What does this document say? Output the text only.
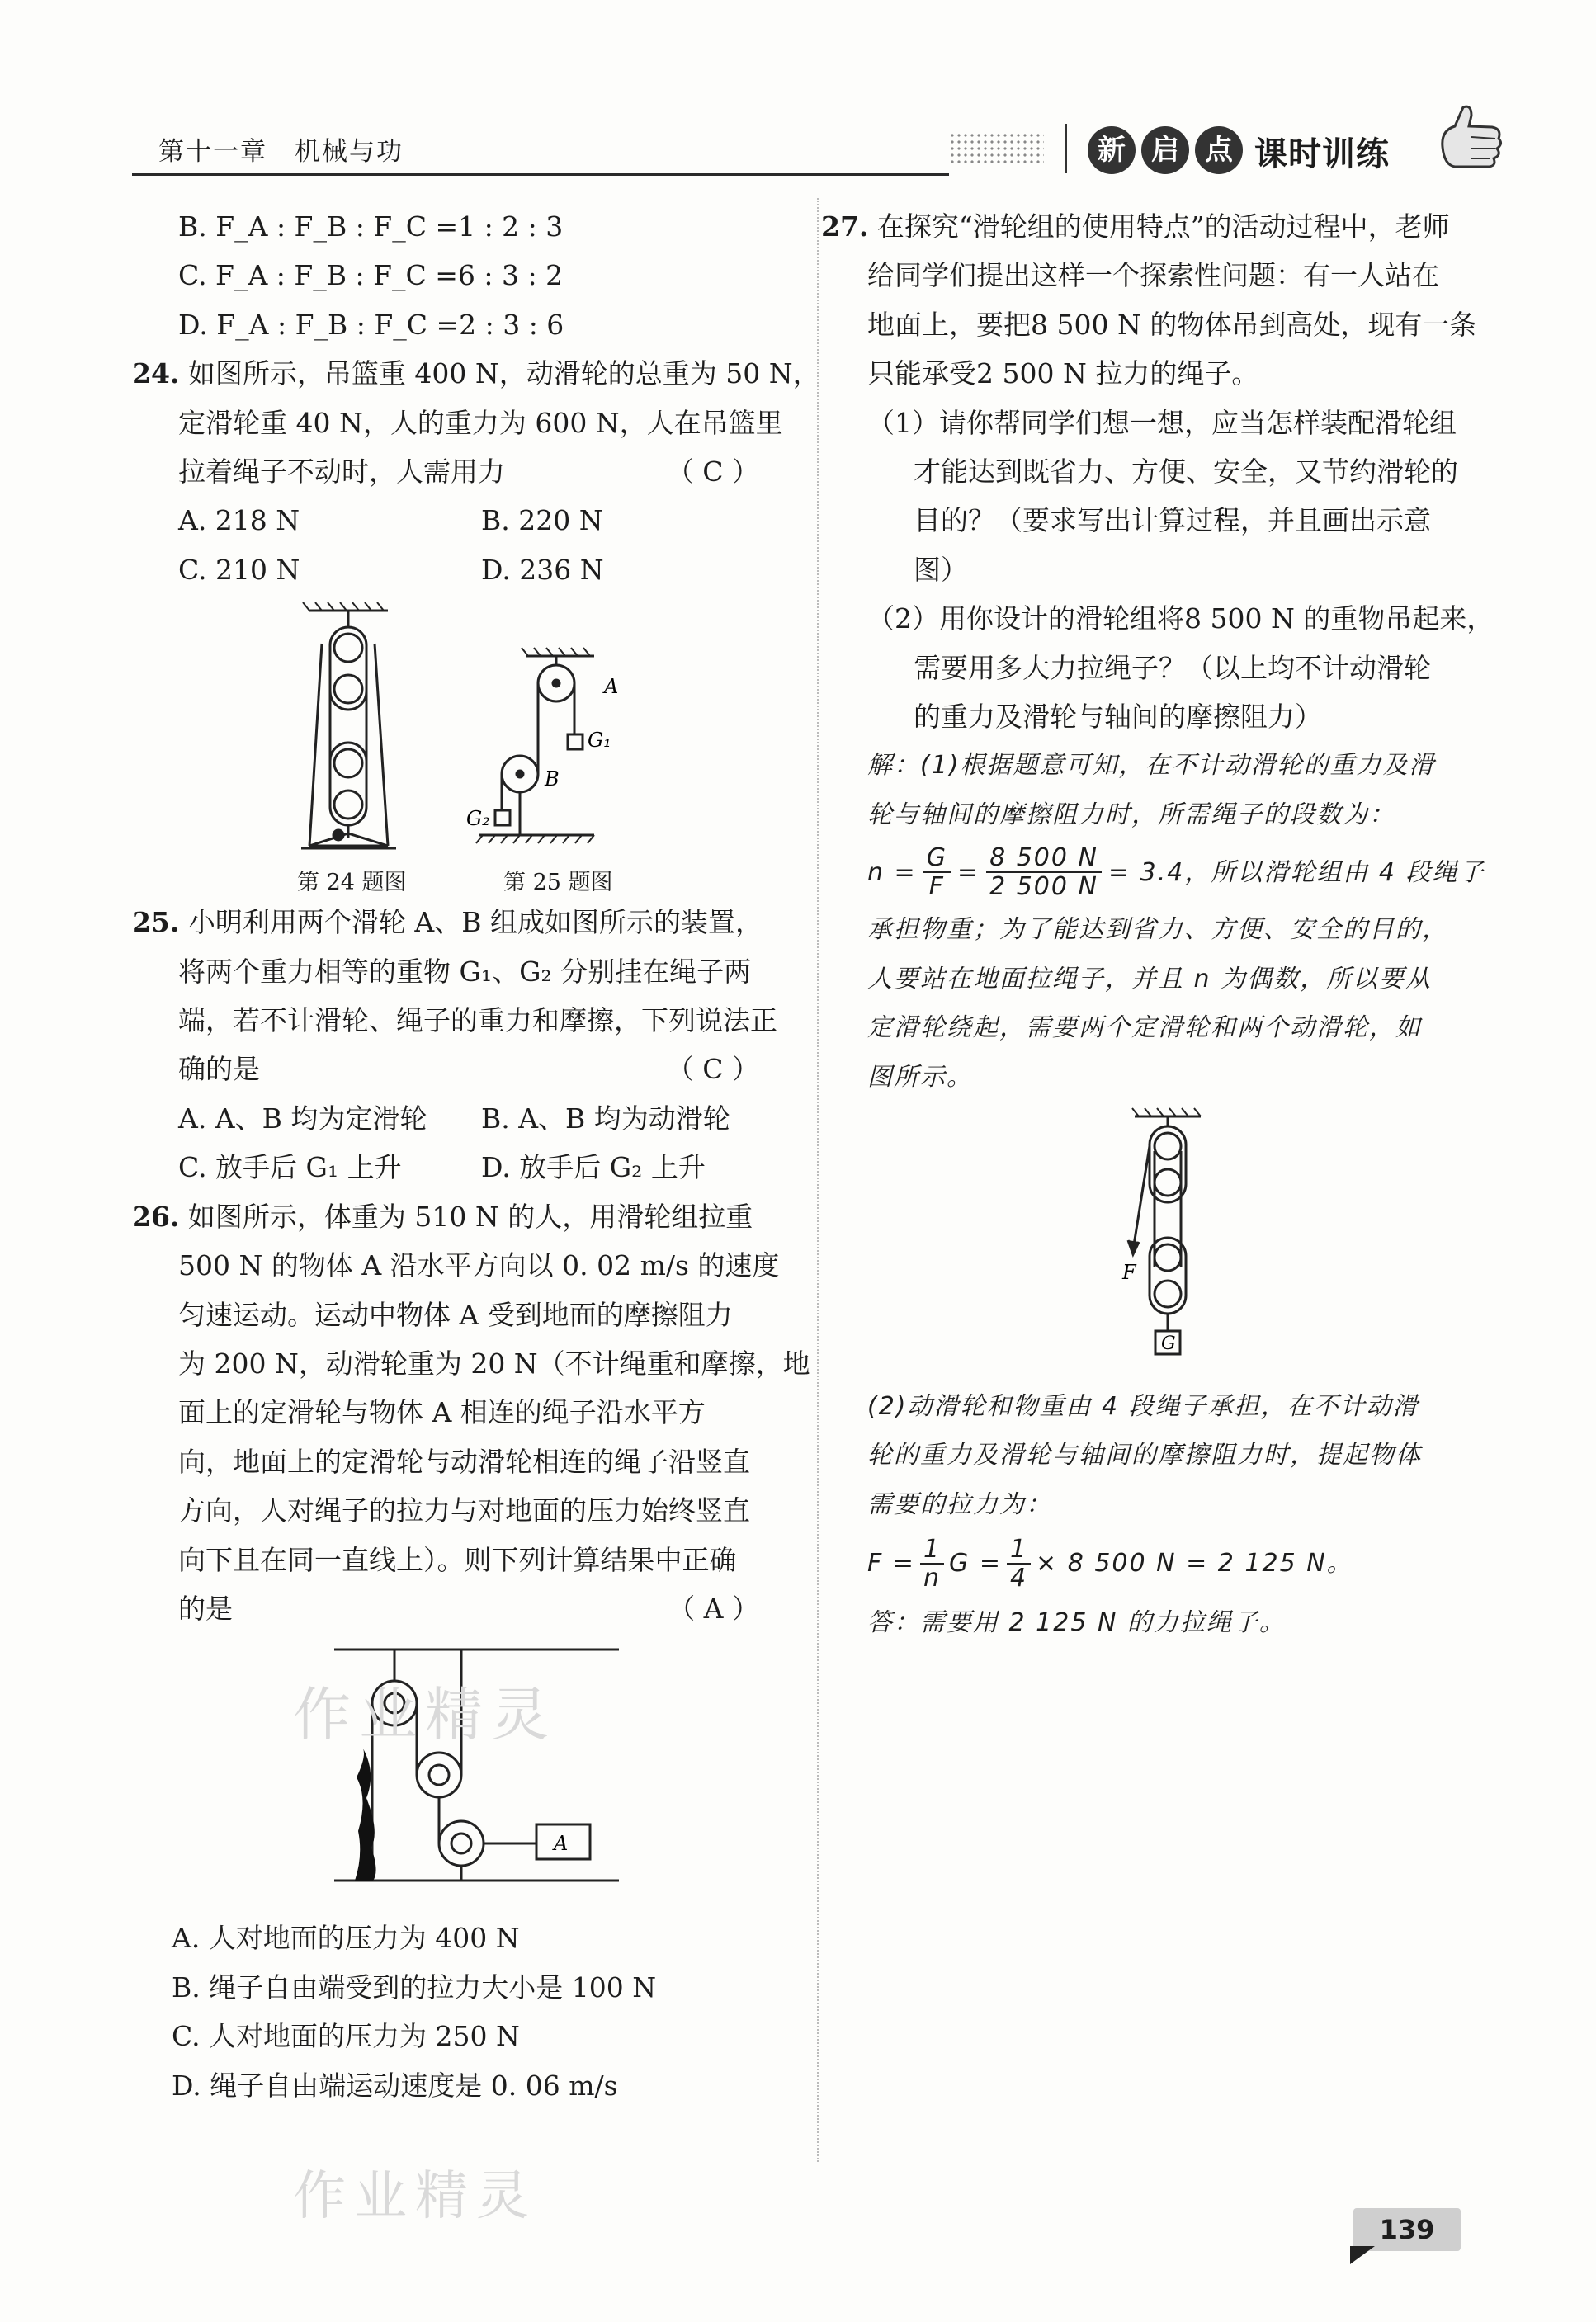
第十一章　机械与功	新 启 点 课时训练

B. F_A : F_B : F_C =1 : 2 : 3

C. F_A : F_B : F_C =6 : 3 : 2

D. F_A : F_B : F_C =2 : 3 : 6

24. 如图所示，吊篮重 400 N，动滑轮的总重为 50 N，

定滑轮重 40 N，人的重力为 600 N，人在吊篮里

拉着绳子不动时，人需用力	（ C ）

A. 218 N	B. 220 N
C. 210 N	D. 236 N
A
G₁
B
G₂
第 24 题图	第 25 题图

25. 小明利用两个滑轮 A、B 组成如图所示的装置，

将两个重力相等的重物 G₁、G₂ 分别挂在绳子两

端，若不计滑轮、绳子的重力和摩擦，下列说法正

确的是	（ C ）

A. A、B 均为定滑轮	B. A、B 均为动滑轮
C. 放手后 G₁ 上升	D. 放手后 G₂ 上升

26. 如图所示，体重为 510 N 的人，用滑轮组拉重

500 N 的物体 A 沿水平方向以 0. 02 m/s 的速度

匀速运动。运动中物体 A 受到地面的摩擦阻力

为 200 N，动滑轮重为 20 N（不计绳重和摩擦，地

面上的定滑轮与物体 A 相连的绳子沿水平方

向，地面上的定滑轮与动滑轮相连的绳子沿竖直

方向，人对绳子的拉力与对地面的压力始终竖直

向下且在同一直线上）。则下列计算结果中正确

的是	（ A ）

A
作业精灵

A. 人对地面的压力为 400 N

B. 绳子自由端受到的拉力大小是 100 N

C. 人对地面的压力为 250 N

D. 绳子自由端运动速度是 0. 06 m/s

作业精灵

27. 在探究“滑轮组的使用特点”的活动过程中，老师

给同学们提出这样一个探索性问题：有一人站在

地面上，要把8 500 N 的物体吊到高处，现有一条

只能承受2 500 N 拉力的绳子。

（1）请你帮同学们想一想，应当怎样装配滑轮组

才能达到既省力、方便、安全，又节约滑轮的

目的？（要求写出计算过程，并且画出示意

图）

（2）用你设计的滑轮组将8 500 N 的重物吊起来，

需要用多大力拉绳子？（以上均不计动滑轮

的重力及滑轮与轴间的摩擦阻力）

解：(1)根据题意可知，在不计动滑轮的重力及滑

轮与轴间的摩擦阻力时，所需绳子的段数为：

$n = \frac{G}{F} = \frac{8 500 N}{2 500 N} = 3.4$，所以滑轮组由 4 段绳子

承担物重；为了能达到省力、方便、安全的目的，

人要站在地面拉绳子，并且 n 为偶数，所以要从

定滑轮绕起，需要两个定滑轮和两个动滑轮，如

图所示。

F
G

(2)动滑轮和物重由 4 段绳子承担，在不计动滑

轮的重力及滑轮与轴间的摩擦阻力时，提起物体

需要的拉力为：

$F = \frac{1}{n}$ $G = \frac{1}{4} \times 8$ 500 N = 2 125 N。

答：需要用 2 125 N 的力拉绳子。

139
